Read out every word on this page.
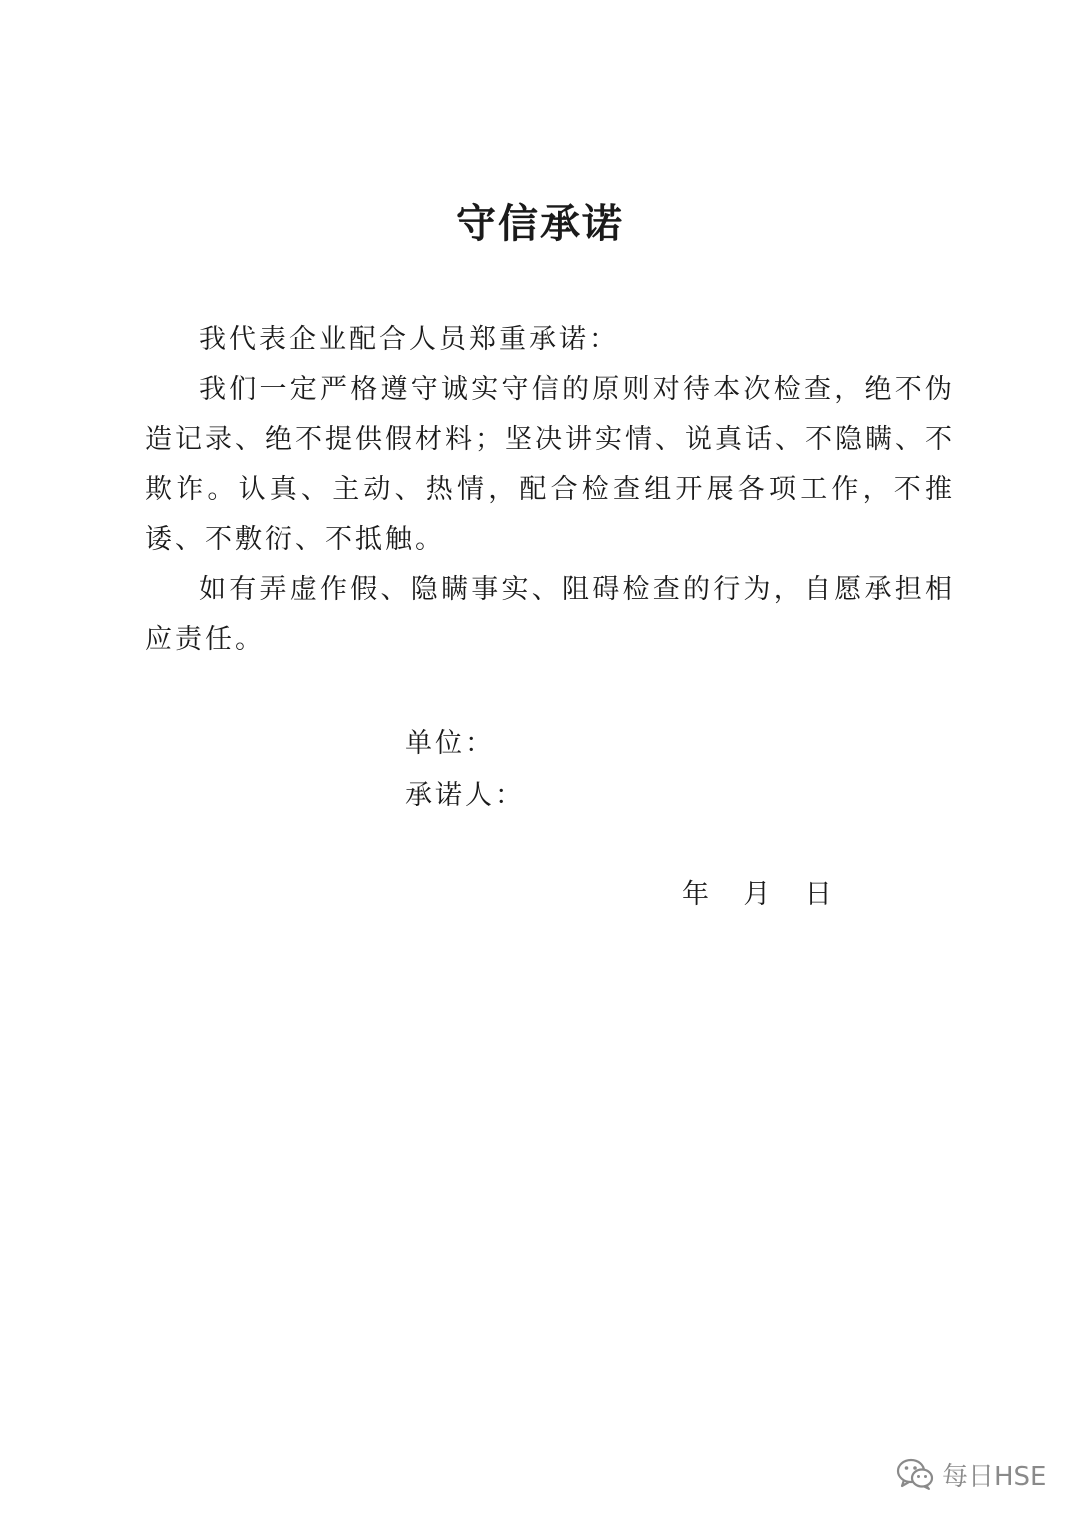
守信承诺

我代表企业配合人员郑重承诺：

我们一定严格遵守诚实守信的原则对待本次检查，绝不伪造记录、绝不提供假材料；坚决讲实情、说真话、不隐瞒、不欺诈。认真、主动、热情，配合检查组开展各项工作，不推诿、不敷衍、不抵触。

如有弄虚作假、隐瞒事实、阻碍检查的行为，自愿承担相应责任。

单位：
承诺人：
年 月 日
每日HSE
